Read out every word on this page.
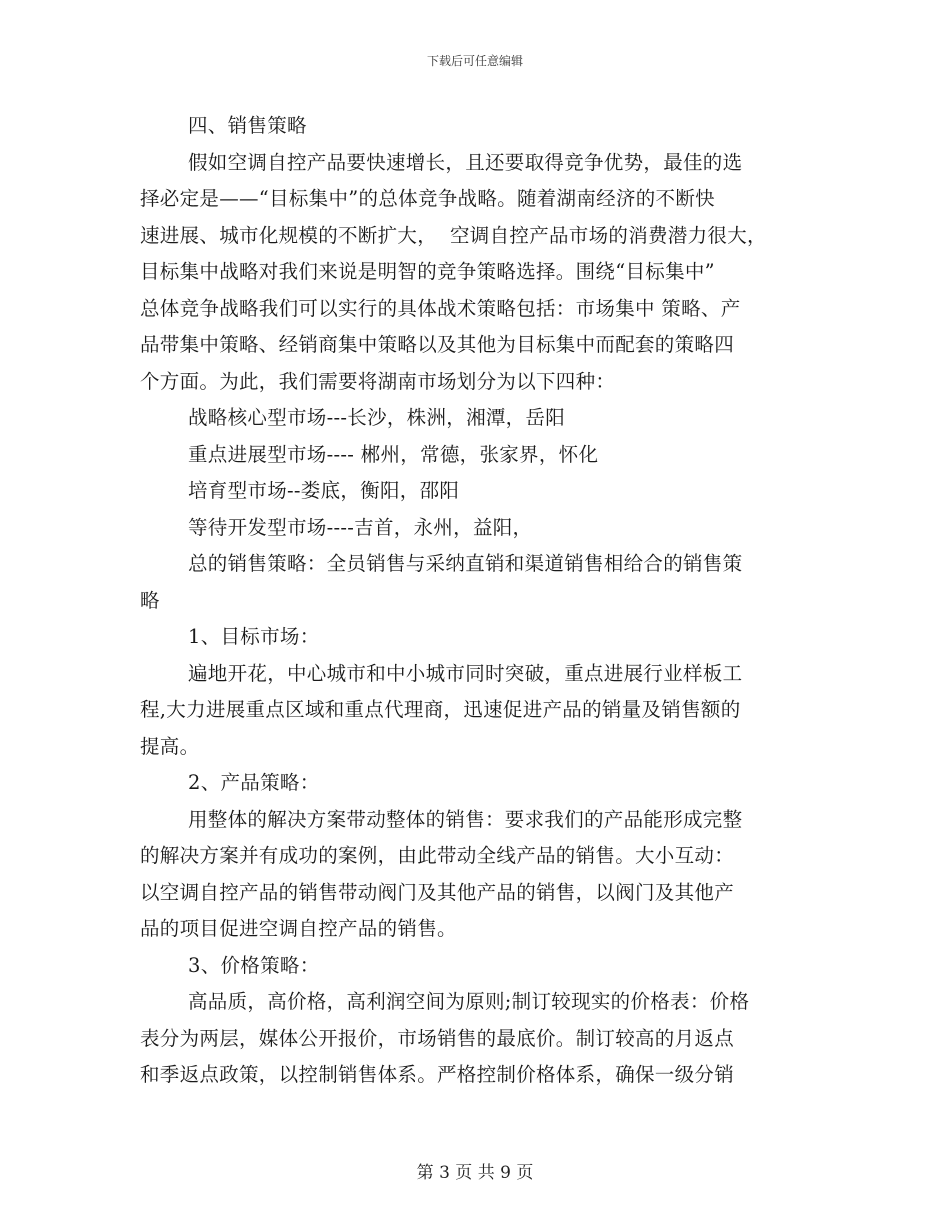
下载后可任意编辑
四、销售策略
假如空调自控产品要快速增长，且还要取得竞争优势，最佳的选
择必定是——“目标集中”的总体竞争战略。随着湖南经济的不断快
速进展、城市化规模的不断扩大，  空调自控产品市场的消费潜力很大，
目标集中战略对我们来说是明智的竞争策略选择。围绕“目标集中”
总体竞争战略我们可以实行的具体战术策略包括：市场集中 策略、产
品带集中策略、经销商集中策略以及其他为目标集中而配套的策略四
个方面。为此，我们需要将湖南市场划分为以下四种：
战略核心型市场---长沙，株洲，湘潭，岳阳
重点进展型市场---- 郴州，常德，张家界，怀化
培育型市场--娄底，衡阳，邵阳
等待开发型市场----吉首，永州，益阳，
总的销售策略：全员销售与采纳直销和渠道销售相给合的销售策
略
1、目标市场：
遍地开花，中心城市和中小城市同时突破，重点进展行业样板工
程,大力进展重点区域和重点代理商，迅速促进产品的销量及销售额的
提高。
2、产品策略：
用整体的解决方案带动整体的销售：要求我们的产品能形成完整
的解决方案并有成功的案例，由此带动全线产品的销售。大小互动：
以空调自控产品的销售带动阀门及其他产品的销售，以阀门及其他产
品的项目促进空调自控产品的销售。
3、价格策略：
高品质，高价格，高利润空间为原则;制订较现实的价格表：价格
表分为两层，媒体公开报价，市场销售的最底价。制订较高的月返点
和季返点政策，以控制销售体系。严格控制价格体系，确保一级分销
第 3 页 共 9 页
